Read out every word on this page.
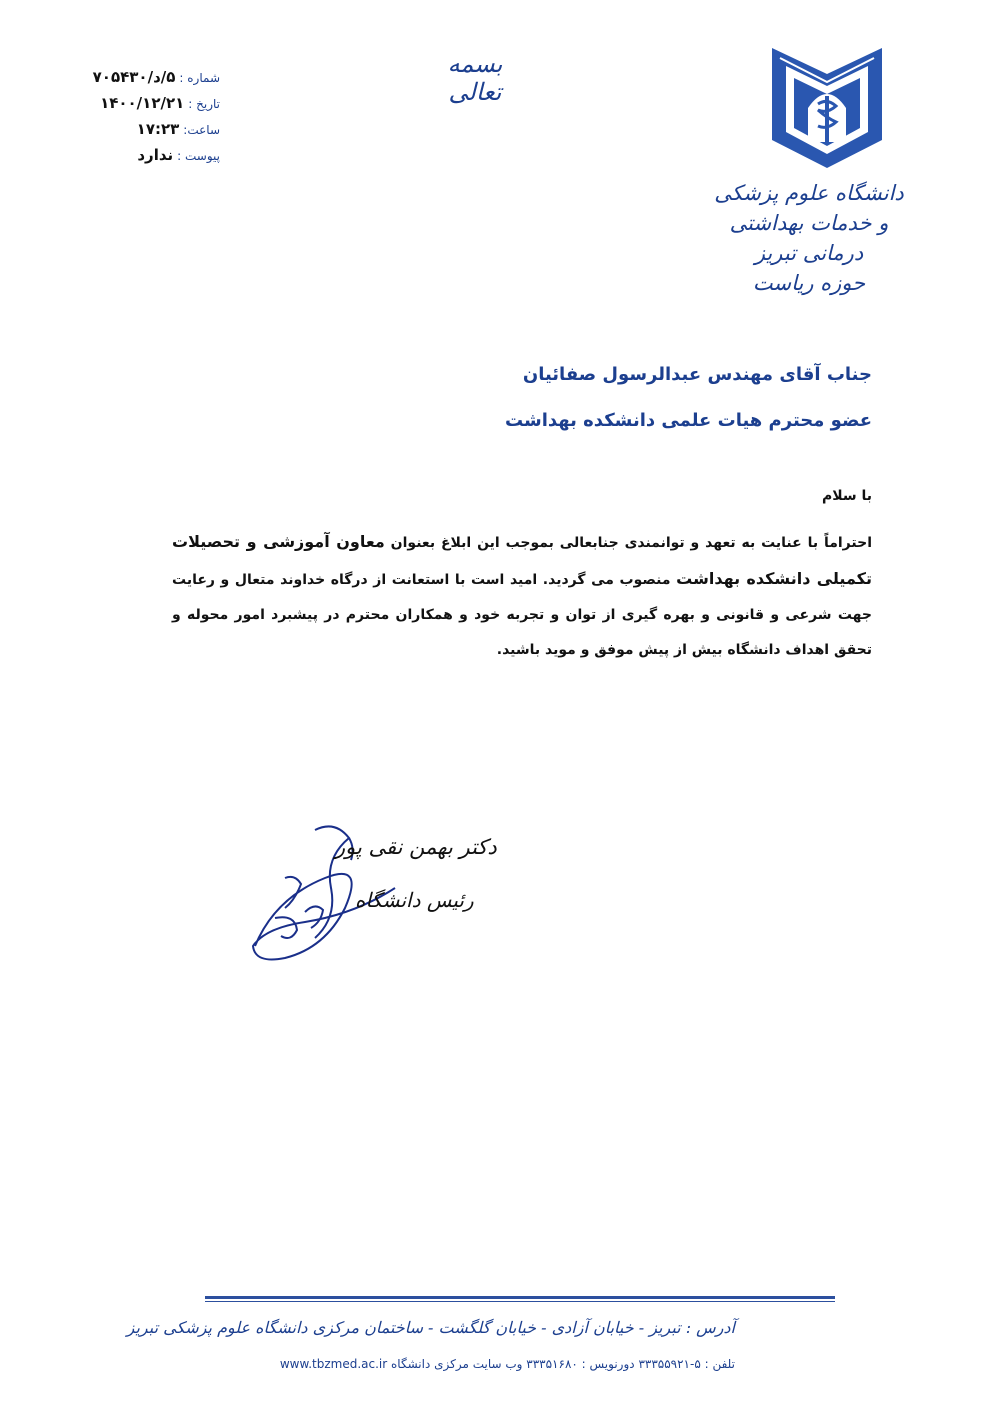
دانشگاه علوم پزشکی
و خدمات بهداشتی درمانی تبریز
حوزه ریاست
بسمه تعالی
شماره :
۵/د/۷۰۵۴۳۰
تاریخ :
۱۴۰۰/۱۲/۲۱
ساعت:
۱۷:۲۳
پیوست :
ندارد
جناب آقای مهندس عبدالرسول صفائیان
عضو محترم هیات علمی دانشکده بهداشت
با سلام
احتراماً با عنایت به تعهد و توانمندی جنابعالی بموجب این ابلاغ بعنوان معاون آموزشی و تحصیلات تکمیلی دانشکده بهداشت منصوب می گردید. امید است با استعانت از درگاه خداوند متعال و رعایت جهت شرعی و قانونی و بهره گیری از توان و تجربه خود و همکاران محترم در پیشبرد امور محوله و تحقق اهداف دانشگاه بیش از پیش موفق و موید باشید.
دکتر بهمن نقی پور
رئیس دانشگاه
آدرس : تبریز - خیابان آزادی - خیابان گلگشت - ساختمان مرکزی دانشگاه علوم پزشکی تبریز
تلفن : ۵-۳۳۳۵۵۹۲۱ دورنویس : ۳۳۳۵۱۶۸۰ وب سایت مرکزی دانشگاه www.tbzmed.ac.ir
